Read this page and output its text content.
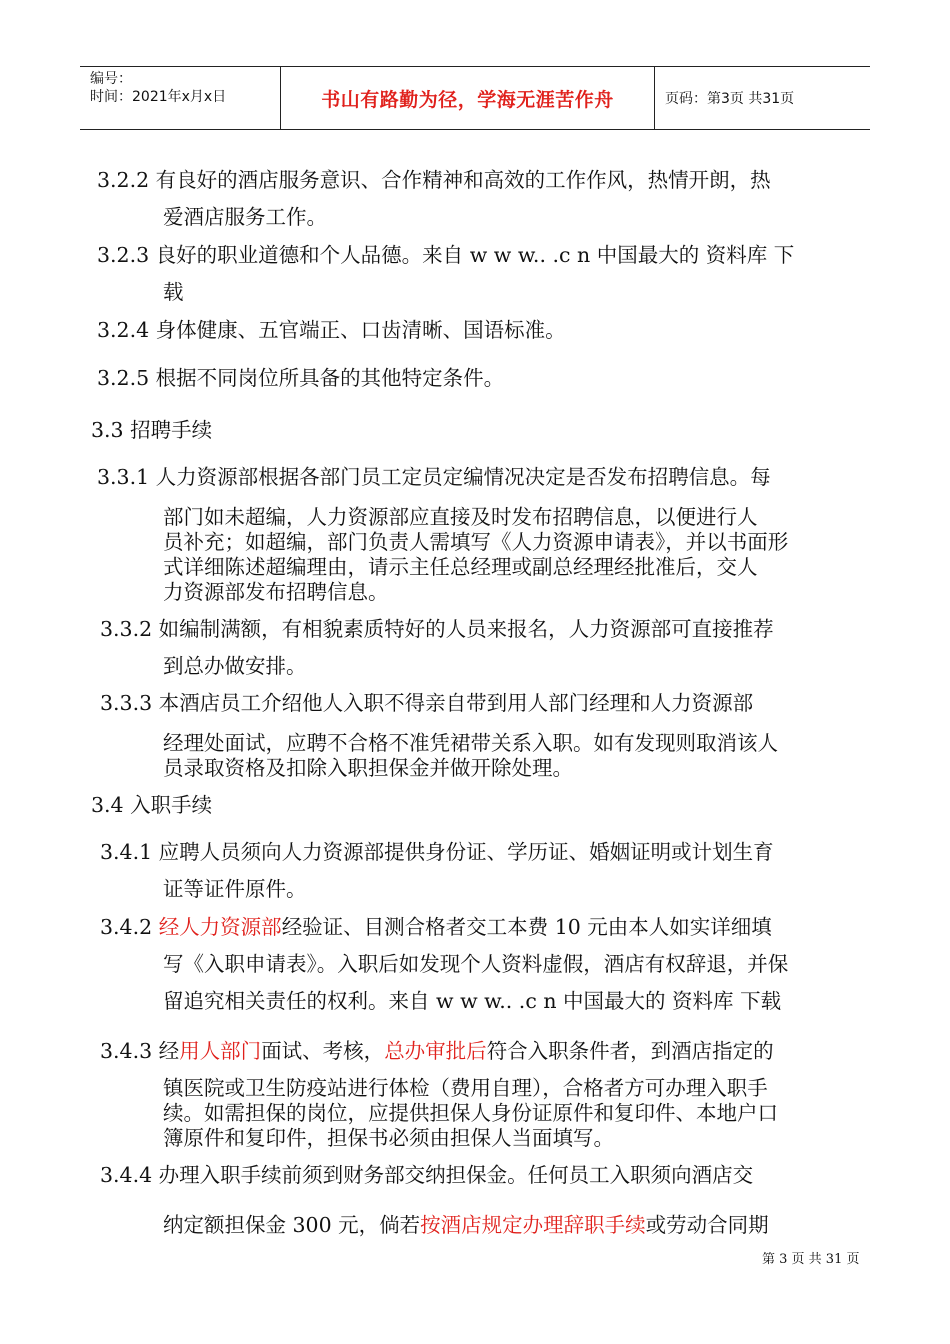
编号：
时间：2021年x月x日	书山有路勤为径，学海无涯苦作舟	页码：第3页 共31页
3.2.2 有良好的酒店服务意识、合作精神和高效的工作作风，热情开朗，热
爱酒店服务工作。
3.2.3 良好的职业道德和个人品德。来自 w w w.. .c n 中国最大的 资料库 下
载
3.2.4 身体健康、五官端正、口齿清晰、国语标准。
3.2.5 根据不同岗位所具备的其他特定条件。
3.3 招聘手续
3.3.1 人力资源部根据各部门员工定员定编情况决定是否发布招聘信息。每
部门如未超编，人力资源部应直接及时发布招聘信息，以便进行人
员补充；如超编，部门负责人需填写《人力资源申请表》，并以书面形
式详细陈述超编理由，请示主任总经理或副总经理经批准后，交人
力资源部发布招聘信息。
3.3.2 如编制满额，有相貌素质特好的人员来报名，人力资源部可直接推荐
到总办做安排。
3.3.3 本酒店员工介绍他人入职不得亲自带到用人部门经理和人力资源部
经理处面试，应聘不合格不准凭裙带关系入职。如有发现则取消该人
员录取资格及扣除入职担保金并做开除处理。
3.4 入职手续
3.4.1 应聘人员须向人力资源部提供身份证、学历证、婚姻证明或计划生育
证等证件原件。
3.4.2 经人力资源部经验证、目测合格者交工本费 10 元由本人如实详细填
写《入职申请表》。入职后如发现个人资料虚假，酒店有权辞退，并保
留追究相关责任的权利。来自 w w w.. .c n 中国最大的 资料库 下载
3.4.3 经用人部门面试、考核，总办审批后符合入职条件者，到酒店指定的
镇医院或卫生防疫站进行体检（费用自理），合格者方可办理入职手
续。如需担保的岗位，应提供担保人身份证原件和复印件、本地户口
簿原件和复印件，担保书必须由担保人当面填写。
3.4.4 办理入职手续前须到财务部交纳担保金。任何员工入职须向酒店交
纳定额担保金 300 元，倘若按酒店规定办理辞职手续或劳动合同期
第 3 页 共 31 页
